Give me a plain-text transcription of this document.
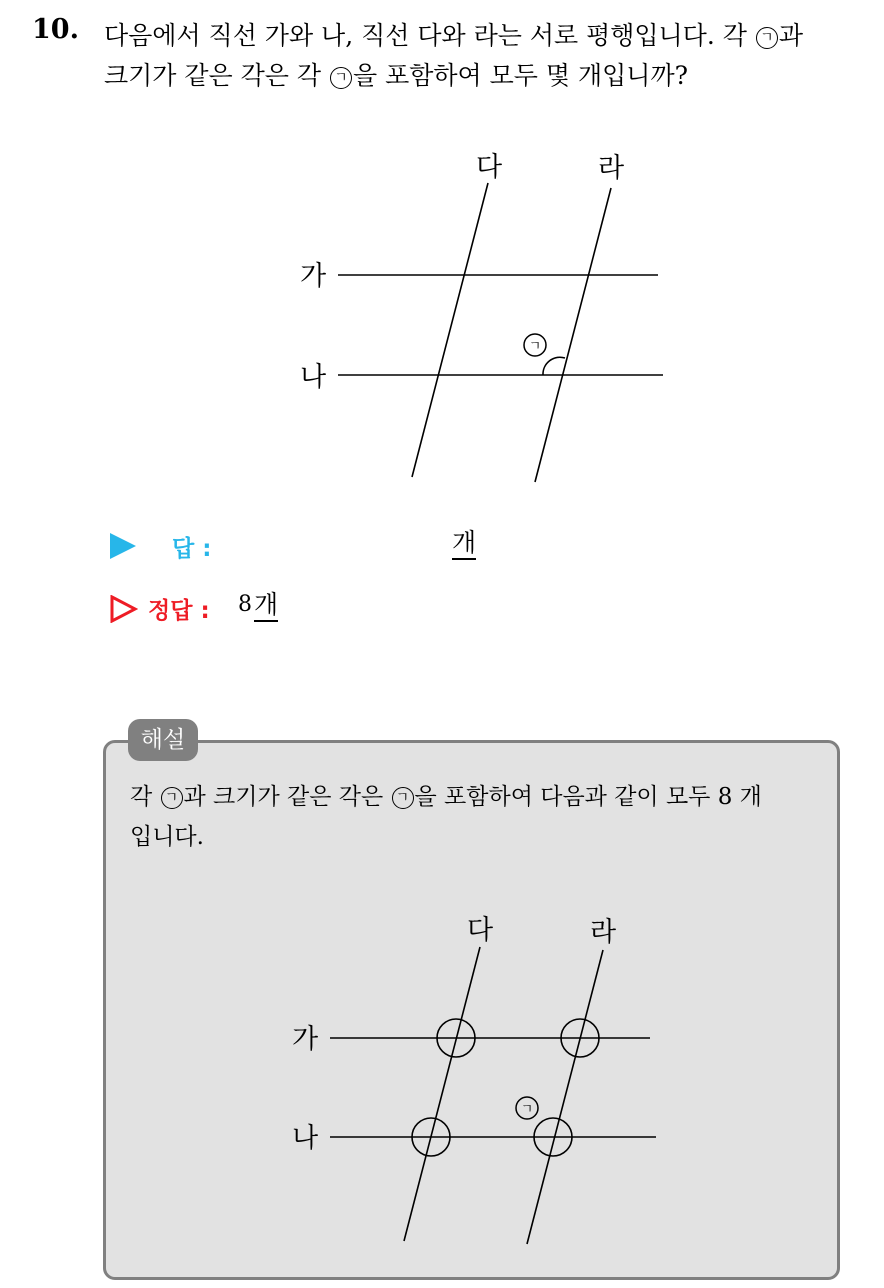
10. 다음에서 직선 가와 나, 직선 다와 라는 서로 평행입니다. 각 ㄱ 과
크기가 같은 각은 각 ㄱ 을 포함하여 모두 몇 개입니까?
가
나
다	라
ㄱ
답 :	개
정답 : 8 개
해설
각 ㄱ 과 크기가 같은 각은 ㄱ 을 포함하여 다음과 같이 모두 8 개
입니다.
가
나
다	라
ㄱ
